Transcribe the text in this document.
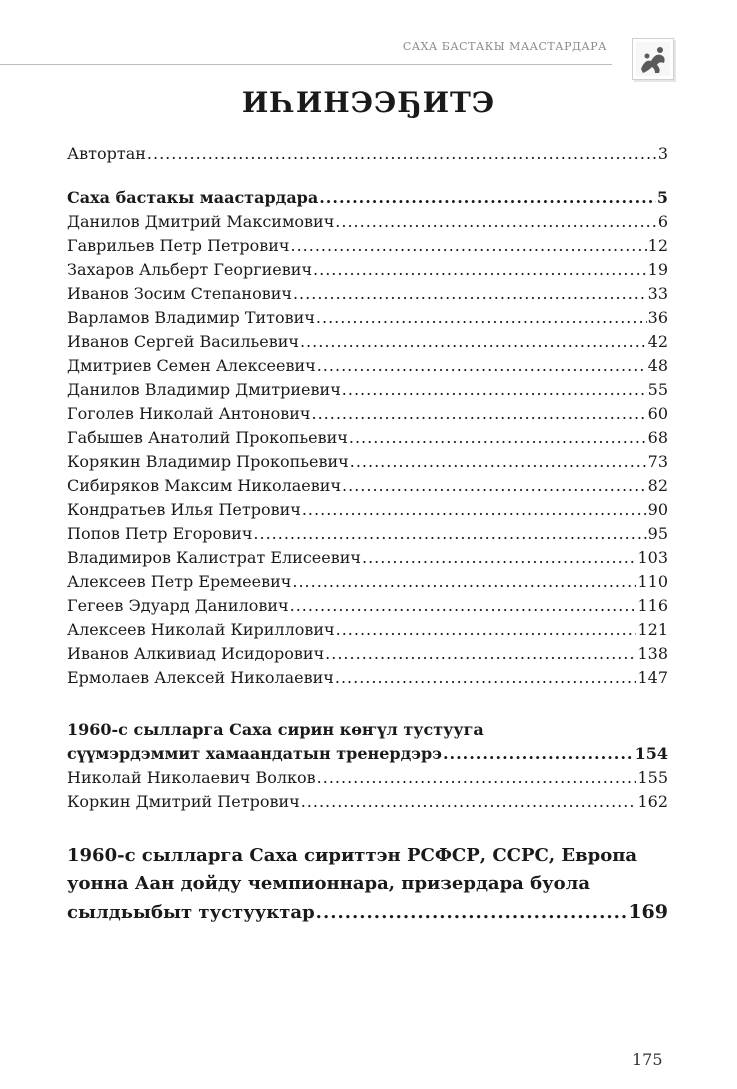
САХА БАСТАКЫ МААСТАРДАРА
ИҺИНЭЭҔИТЭ
Автортан .....	3
Саха бастакы маастардара .....	5
Данилов Дмитрий Максимович .....	6
Гаврильев Петр Петрович .....	12
Захаров Альберт Георгиевич .....	19
Иванов Зосим Степанович .....	33
Варламов Владимир Титович .....	36
Иванов Сергей Васильевич .....	42
Дмитриев Семен Алексеевич .....	48
Данилов Владимир Дмитриевич .....	55
Гоголев Николай Антонович .....	60
Габышев Анатолий Прокопьевич .....	68
Корякин Владимир Прокопьевич .....	73
Сибиряков Максим Николаевич .....	82
Кондратьев Илья Петрович .....	90
Попов Петр Егорович .....	95
Владимиров Калистрат Елисеевич .....	103
Алексеев Петр Еремеевич .....	110
Гегеев Эдуард Данилович .....	116
Алексеев Николай Кириллович .....	121
Иванов Алкивиад Исидорович .....	138
Ермолаев Алексей Николаевич .....	147
1960-с сылларга Саха сирин көҥүл тустууга
сүүмэрдэммит хамаандатын тренердэрэ .....	154
Николай Николаевич Волков .....	155
Коркин Дмитрий Петрович .....	162
1960-с сылларга Саха сириттэн РСФСР, ССРС, Европа
уонна Аан дойду чемпионнара, призердара буола
сылдьыбыт тустууктар .....	169
175
